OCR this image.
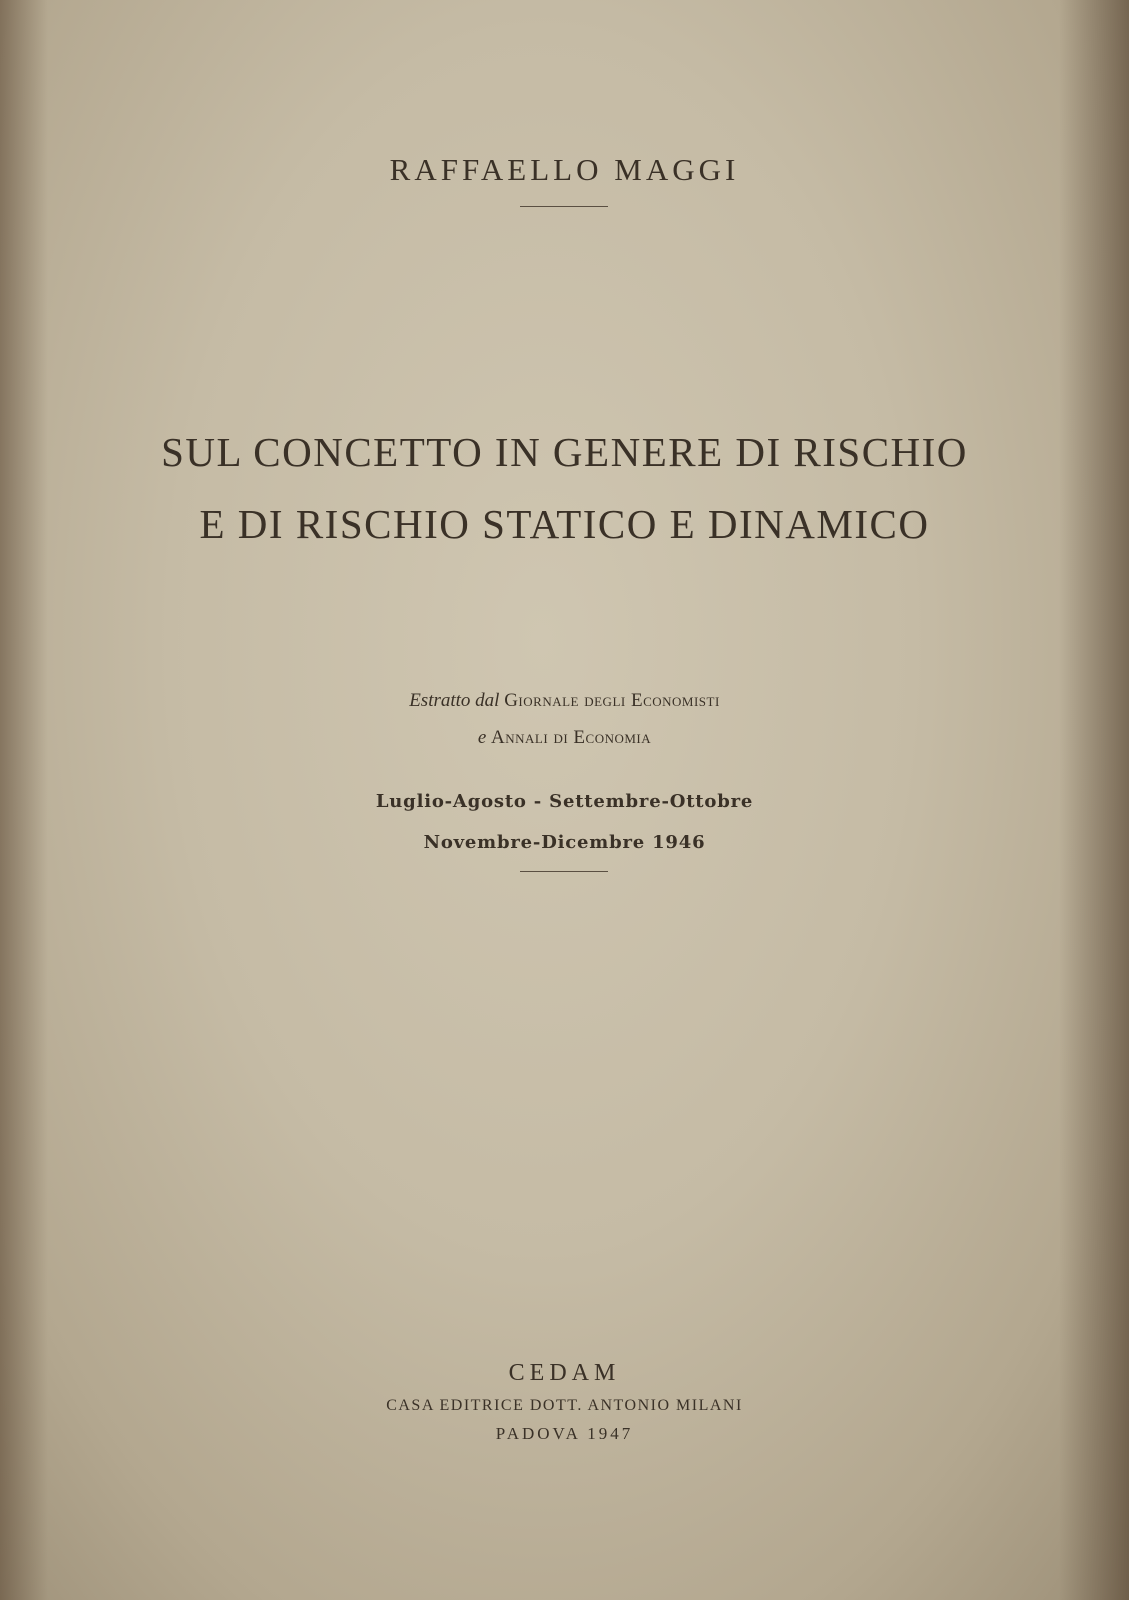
RAFFAELLO MAGGI
SUL CONCETTO IN GENERE DI RISCHIO
E DI RISCHIO STATICO E DINAMICO
Estratto dal Giornale degli Economisti
e Annali di Economia
Luglio-Agosto - Settembre-Ottobre
Novembre-Dicembre 1946
CEDAM
CASA EDITRICE DOTT. ANTONIO MILANI
PADOVA 1947
